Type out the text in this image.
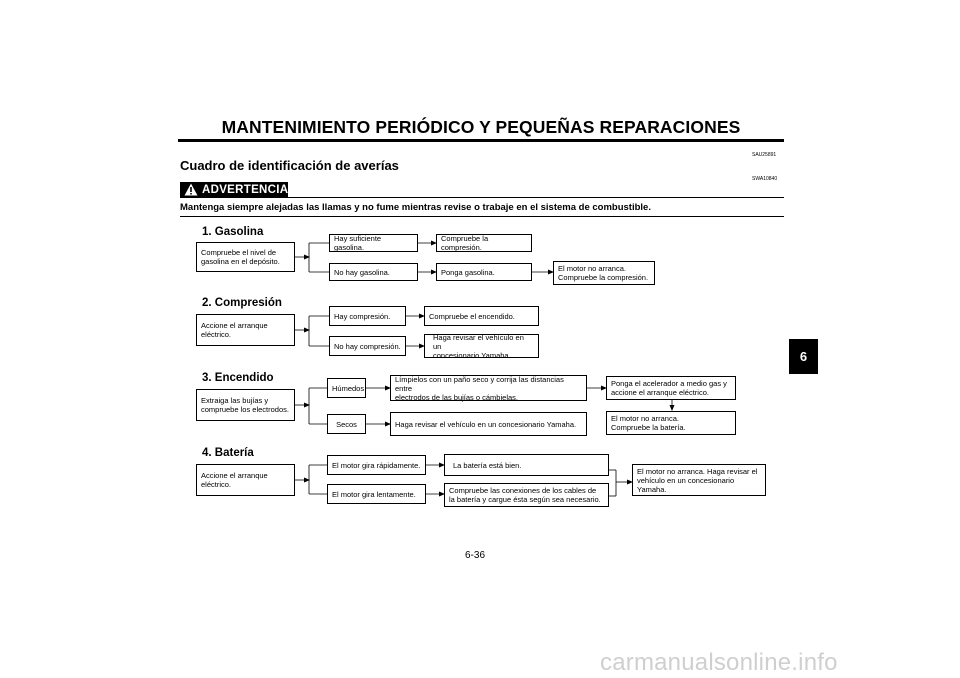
MANTENIMIENTO PERIÓDICO Y PEQUEÑAS REPARACIONES
SAU25891
Cuadro de identificación de averías
SWA10840
ADVERTENCIA
Mantenga siempre alejadas las llamas y no fume mientras revise o trabaje en el sistema de combustible.
1. Gasolina
Compruebe el nivel de
gasolina en el depósito.
Hay suficiente gasolina.
Compruebe la compresión.
No hay gasolina.	Ponga gasolina.	El motor no arranca.
Compruebe la compresión.
2. Compresión
Accione el arranque
eléctrico.
Hay compresión.	Compruebe el encendido.
No hay compresión.
Haga revisar el vehículo en un
concesionario Yamaha.
3. Encendido
Extraiga las bujías y
compruebe los electrodos.
Húmedos
Límpielos con un paño seco y corrija las distancias entre
electrodos de las bujías o cámbielas.
Ponga el acelerador a medio gas y
accione el arranque eléctrico.
El motor no arranca.
Compruebe la batería.
Secos	Haga revisar el vehículo en un concesionario Yamaha.
4. Batería
Accione el arranque
eléctrico.
El motor gira rápidamente.	La batería está bien.
El motor gira lentamente.	Compruebe las conexiones de los cables de
la batería y cargue ésta según sea necesario.
El motor no arranca. Haga revisar el
vehículo en un concesionario
Yamaha.
6
6-36
carmanualsonline.info
